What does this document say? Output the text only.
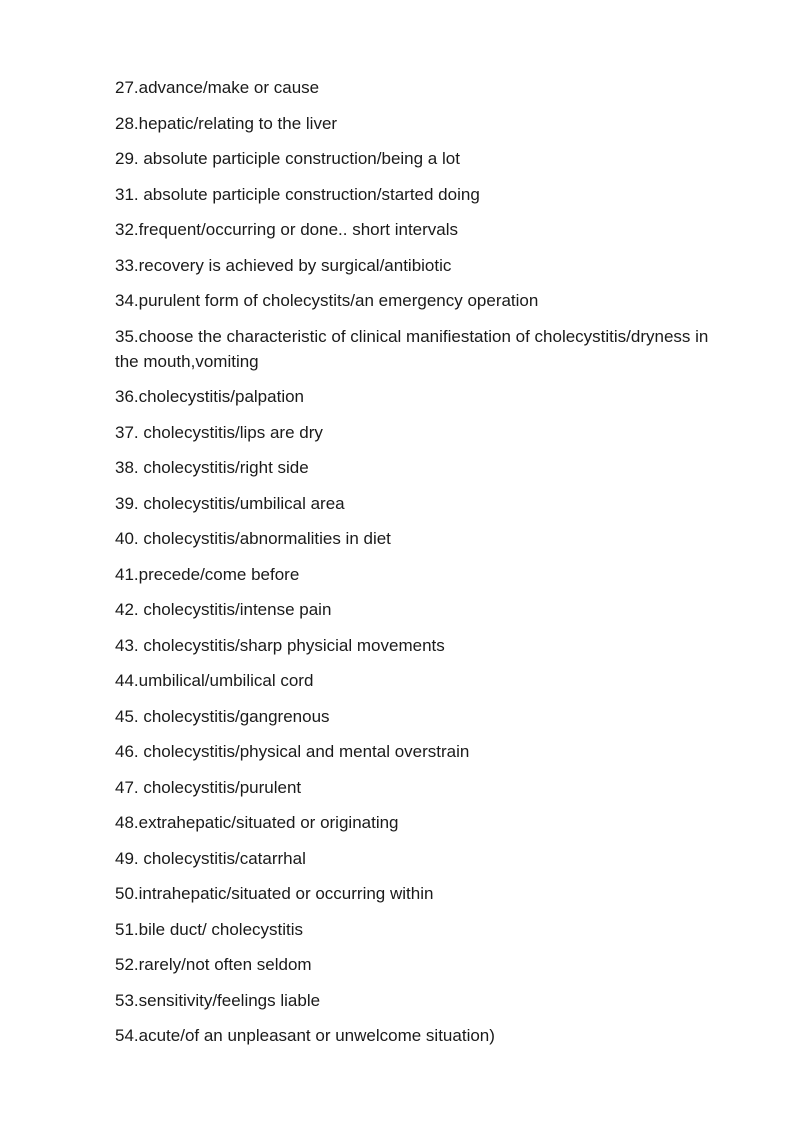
27.advance/make or cause
28.hepatic/relating to the liver
29. absolute participle construction/being a lot
31. absolute participle construction/started doing
32.frequent/occurring or done.. short intervals
33.recovery is achieved by surgical/antibiotic
34.purulent form of cholecystits/an emergency operation
35.choose the characteristic of clinical manifiestation of cholecystitis/dryness in the mouth,vomiting
36.cholecystitis/palpation
37. cholecystitis/lips are dry
38. cholecystitis/right side
39. cholecystitis/umbilical area
40. cholecystitis/abnormalities in diet
41.precede/come before
42. cholecystitis/intense pain
43. cholecystitis/sharp physicial movements
44.umbilical/umbilical cord
45. cholecystitis/gangrenous
46. cholecystitis/physical and mental overstrain
47. cholecystitis/purulent
48.extrahepatic/situated or originating
49. cholecystitis/catarrhal
50.intrahepatic/situated or occurring within
51.bile duct/ cholecystitis
52.rarely/not often seldom
53.sensitivity/feelings liable
54.acute/of an unpleasant or unwelcome situation)
